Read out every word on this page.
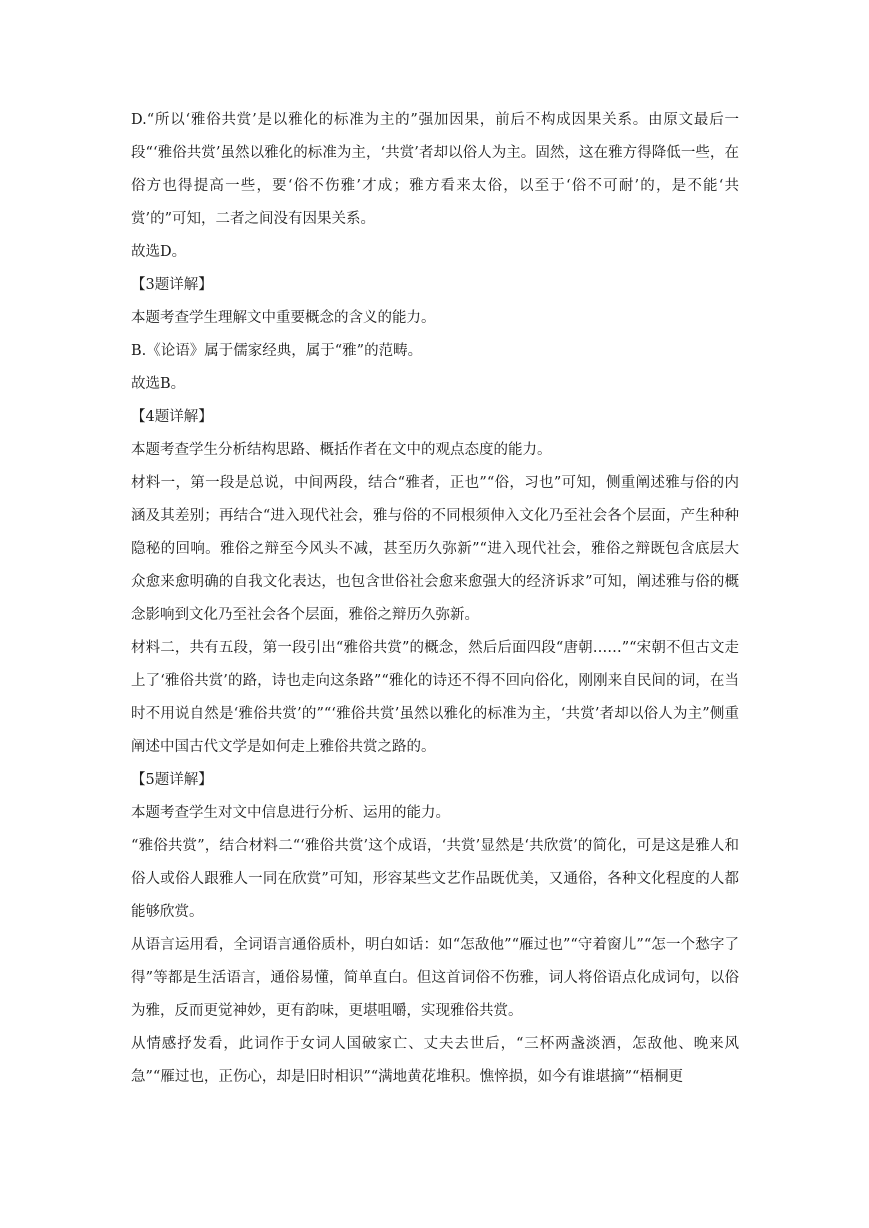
D.“所以‘雅俗共赏’是以雅化的标准为主的”强加因果，前后不构成因果关系。由原文最后一段“‘雅俗共赏’虽然以雅化的标准为主，‘共赏’者却以俗人为主。固然，这在雅方得降低一些，在俗方也得提高一些，要‘俗不伤雅’才成；雅方看来太俗，以至于‘俗不可耐’的，是不能‘共赏’的”可知，二者之间没有因果关系。

故选D。

【3题详解】

本题考查学生理解文中重要概念的含义的能力。

B.《论语》属于儒家经典，属于“雅”的范畴。

故选B。

【4题详解】

本题考查学生分析结构思路、概括作者在文中的观点态度的能力。

材料一，第一段是总说，中间两段，结合“雅者，正也”“俗，习也”可知，侧重阐述雅与俗的内涵及其差别；再结合“进入现代社会，雅与俗的不同根须伸入文化乃至社会各个层面，产生种种隐秘的回响。雅俗之辩至今风头不减，甚至历久弥新”“进入现代社会，雅俗之辩既包含底层大众愈来愈明确的自我文化表达，也包含世俗社会愈来愈强大的经济诉求”可知，阐述雅与俗的概念影响到文化乃至社会各个层面，雅俗之辩历久弥新。

材料二，共有五段，第一段引出“雅俗共赏”的概念，然后后面四段“唐朝……”“宋朝不但古文走上了‘雅俗共赏’的路，诗也走向这条路”“雅化的诗还不得不回向俗化，刚刚来自民间的词，在当时不用说自然是‘雅俗共赏’的”“‘雅俗共赏’虽然以雅化的标准为主，‘共赏’者却以俗人为主”侧重阐述中国古代文学是如何走上雅俗共赏之路的。

【5题详解】

本题考查学生对文中信息进行分析、运用的能力。

“雅俗共赏”，结合材料二“‘雅俗共赏’这个成语，‘共赏’显然是‘共欣赏’的简化，可是这是雅人和俗人或俗人跟雅人一同在欣赏”可知，形容某些文艺作品既优美，又通俗，各种文化程度的人都能够欣赏。

从语言运用看，全词语言通俗质朴，明白如话：如“怎敌他”“雁过也”“守着窗儿”“怎一个愁字了得”等都是生活语言，通俗易懂，简单直白。但这首词俗不伤雅，词人将俗语点化成词句，以俗为雅，反而更觉神妙，更有韵味，更堪咀嚼，实现雅俗共赏。

从情感抒发看，此词作于女词人国破家亡、丈夫去世后，“三杯两盏淡酒，怎敌他、晚来风急”“雁过也，正伤心，却是旧时相识”“满地黄花堆积。憔悴损，如今有谁堪摘”“梧桐更
